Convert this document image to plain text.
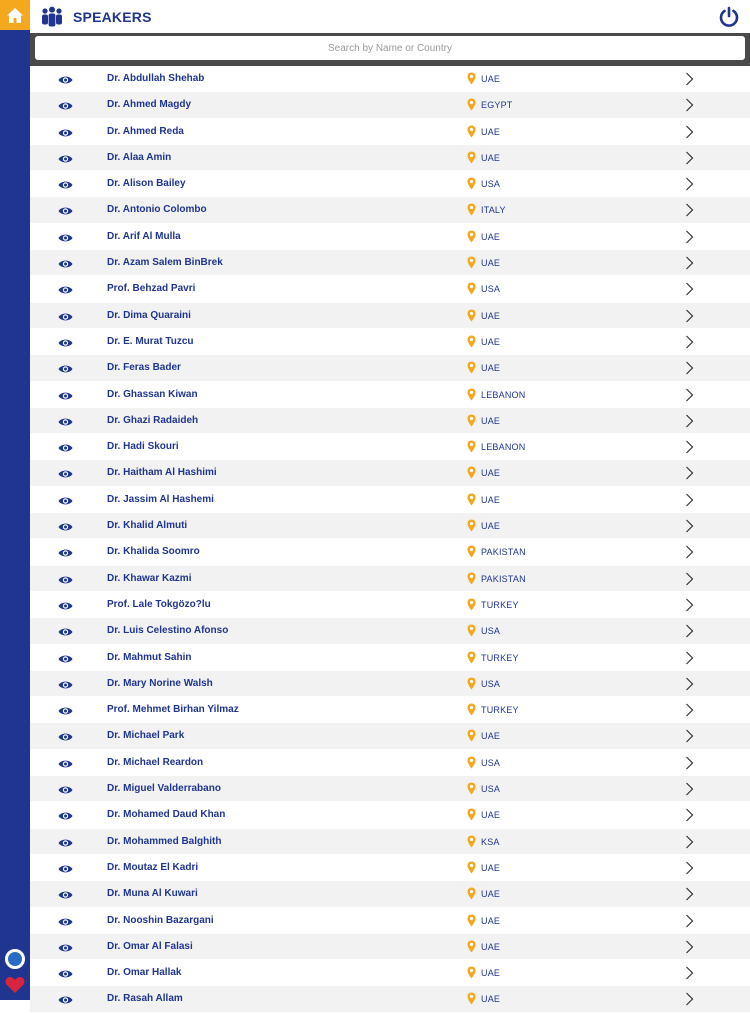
SPEAKERS
Search by Name or Country
Dr. Abdullah Shehab	UAE
Dr. Ahmed Magdy	EGYPT
Dr. Ahmed Reda	UAE
Dr. Alaa Amin	UAE
Dr. Alison Bailey	USA
Dr. Antonio Colombo	ITALY
Dr. Arif Al Mulla	UAE
Dr. Azam Salem BinBrek	UAE
Prof. Behzad Pavri	USA
Dr. Dima Quaraini	UAE
Dr. E. Murat Tuzcu	UAE
Dr. Feras Bader	UAE
Dr. Ghassan Kiwan	LEBANON
Dr. Ghazi Radaideh	UAE
Dr. Hadi Skouri	LEBANON
Dr. Haitham Al Hashimi	UAE
Dr. Jassim Al Hashemi	UAE
Dr. Khalid Almuti	UAE
Dr. Khalida Soomro	PAKISTAN
Dr. Khawar Kazmi	PAKISTAN
Prof. Lale Tokgözo?lu	TURKEY
Dr. Luis Celestino Afonso	USA
Dr. Mahmut Sahin	TURKEY
Dr. Mary Norine Walsh	USA
Prof. Mehmet Birhan Yilmaz	TURKEY
Dr. Michael Park	UAE
Dr. Michael Reardon	USA
Dr. Miguel Valderrabano	USA
Dr. Mohamed Daud Khan	UAE
Dr. Mohammed Balghith	KSA
Dr. Moutaz El Kadri	UAE
Dr. Muna Al Kuwari	UAE
Dr. Nooshin Bazargani	UAE
Dr. Omar Al Falasi	UAE
Dr. Omar Hallak	UAE
Dr. Rasah Allam	UAE
